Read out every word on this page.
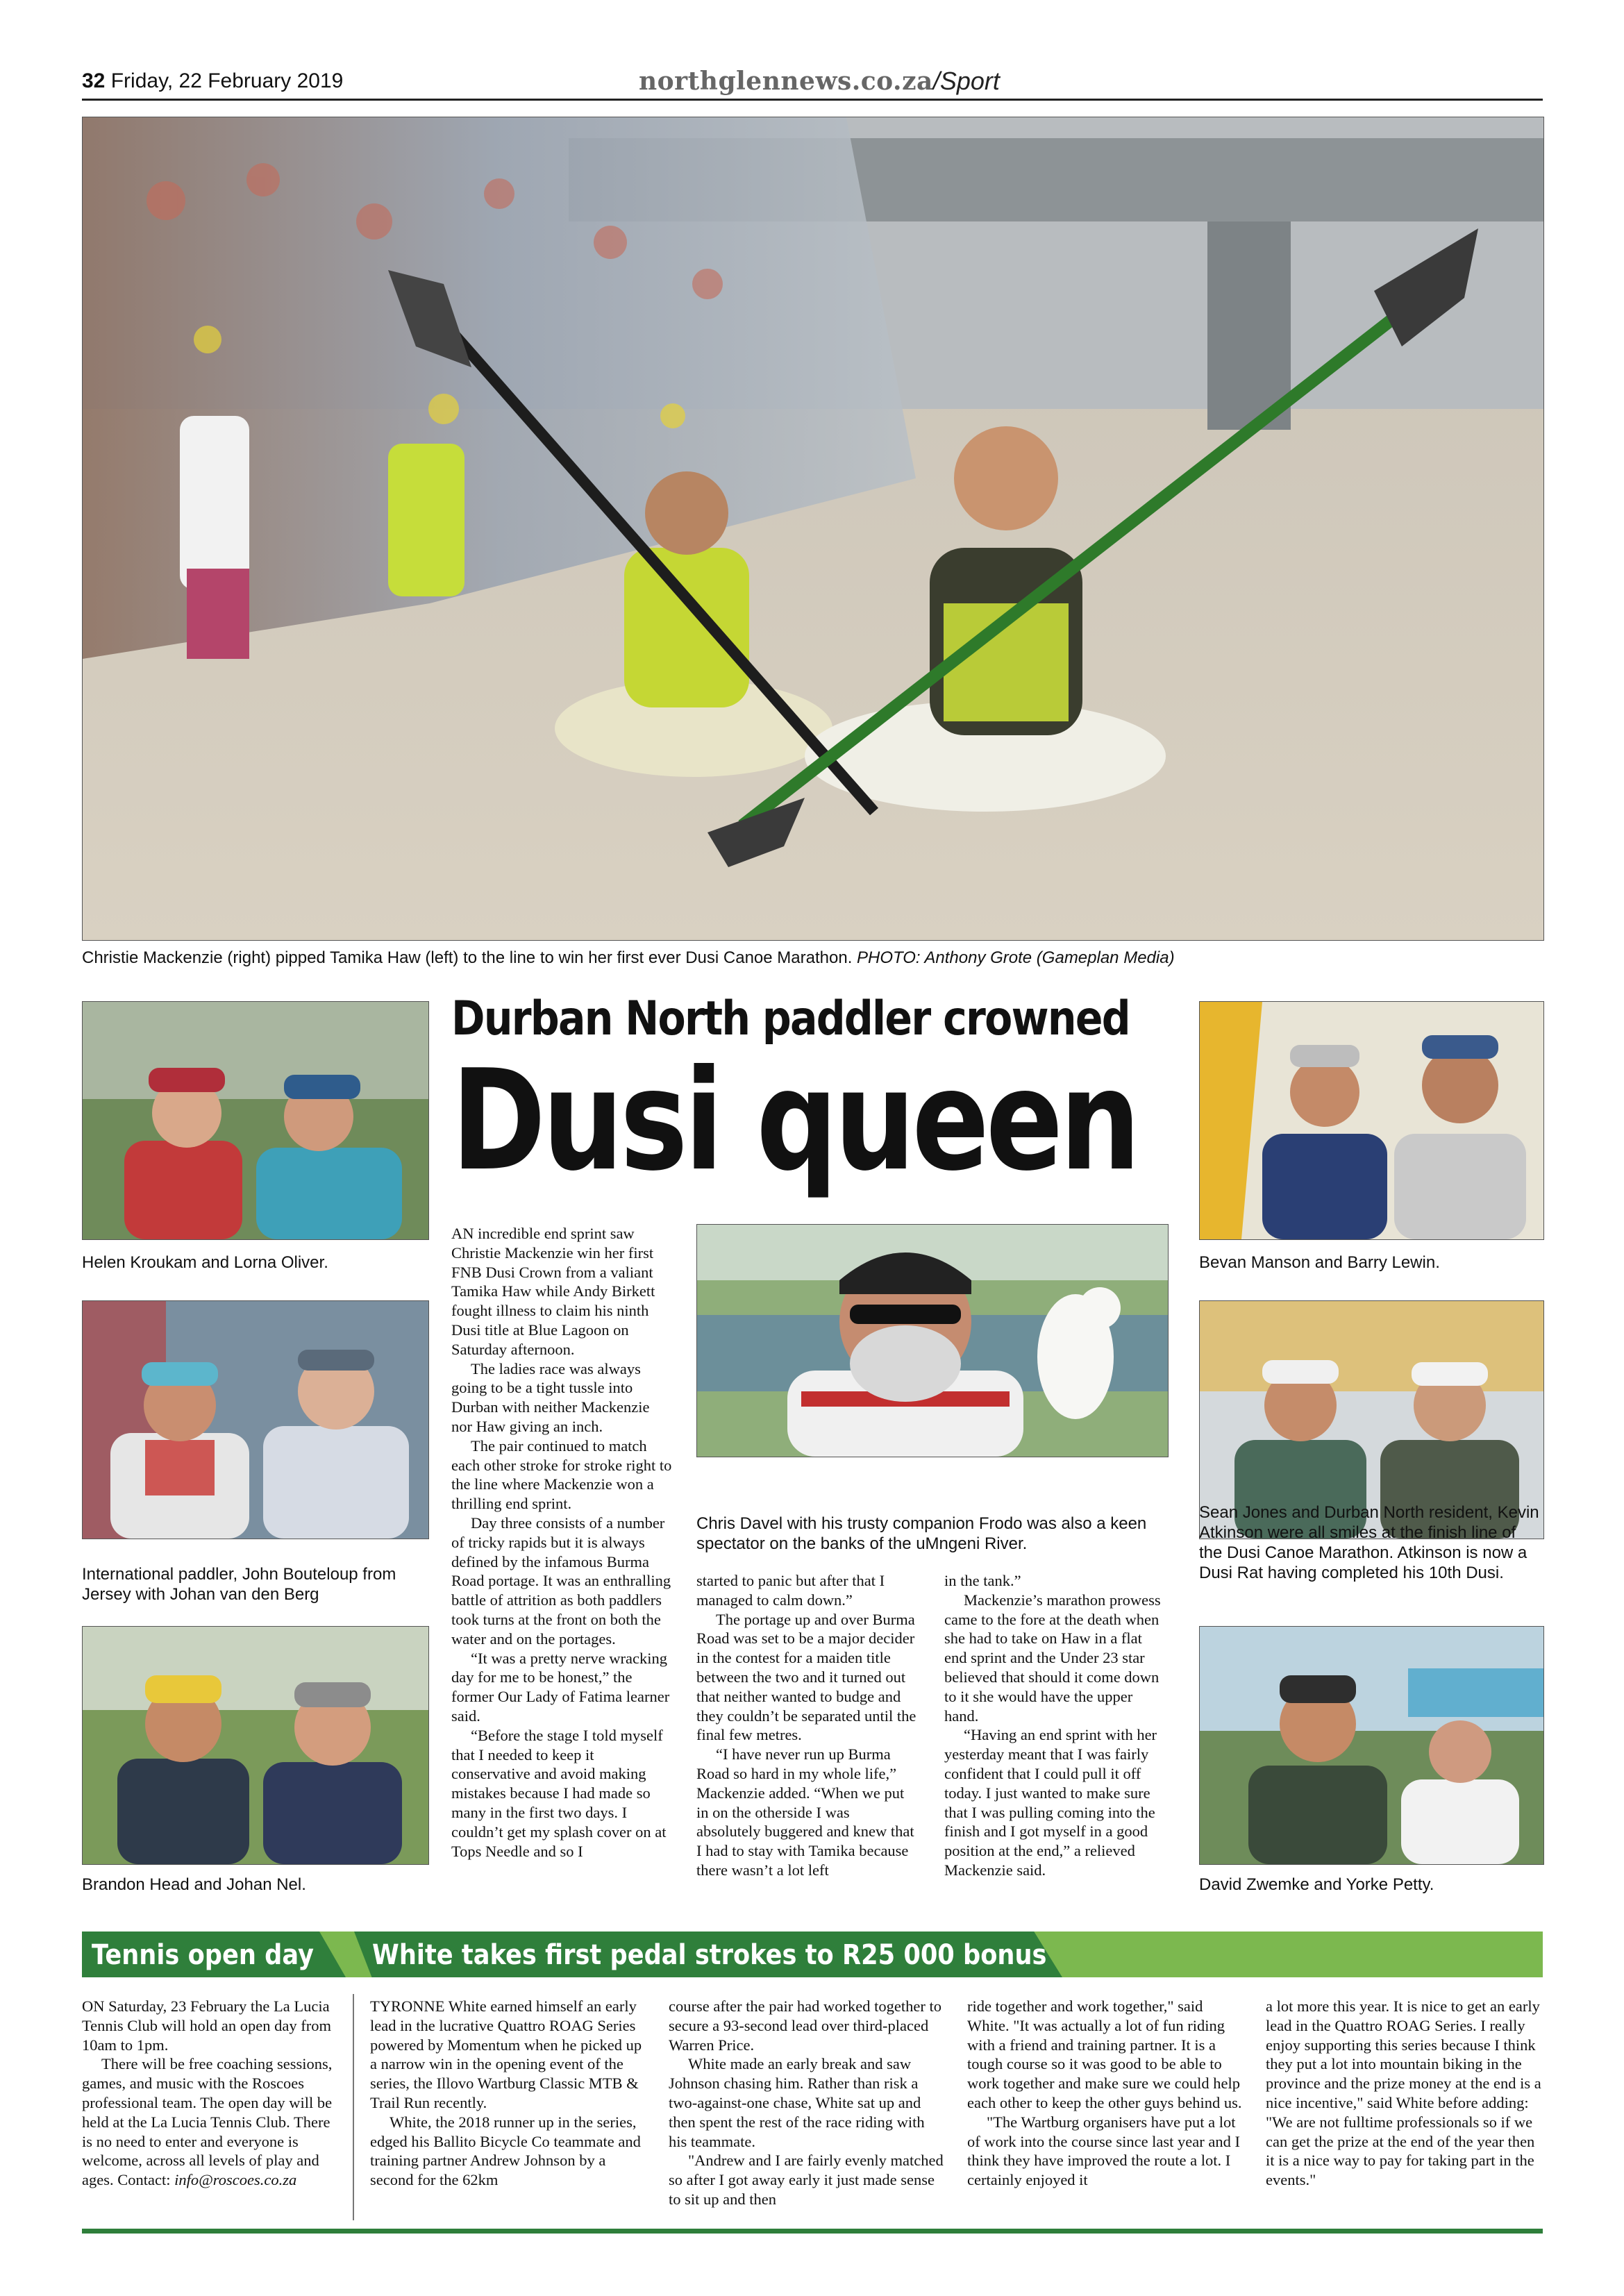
32 Friday, 22 February 2019	northglennews.co.za/Sport
Christie Mackenzie (right) pipped Tamika Haw (left) to the line to win her first ever Dusi Canoe Marathon. PHOTO: Anthony Grote (Gameplan Media)
Helen Kroukam and Lorna Oliver.
International paddler, John Bouteloup from Jersey with Johan van den Berg
Brandon Head and Johan Nel.
Bevan Manson and Barry Lewin.
Sean Jones and Durban North resident, Kevin Atkinson were all smiles at the finish line of the Dusi Canoe Marathon. Atkinson is now a Dusi Rat having completed his 10th Dusi.
David Zwemke and Yorke Petty.
Durban North paddler crowned
Dusi queen
Chris Davel with his trusty companion Frodo was also a keen spectator on the banks of the uMngeni River.

AN incredible end sprint saw Christie Mackenzie win her first FNB Dusi Crown from a valiant Tamika Haw while Andy Birkett fought illness to claim his ninth Dusi title at Blue Lagoon on Saturday afternoon.

The ladies race was always going to be a tight tussle into Durban with neither Mackenzie nor Haw giving an inch.

The pair continued to match each other stroke for stroke right to the line where Mackenzie won a thrilling end sprint.

Day three consists of a number of tricky rapids but it is always defined by the infamous Burma Road portage. It was an enthralling battle of attrition as both paddlers took turns at the front on both the water and on the portages.

“It was a pretty nerve wracking day for me to be honest,” the former Our Lady of Fatima learner said.

“Before the stage I told myself that I needed to keep it conservative and avoid making mistakes because I had made so many in the first two days. I couldn’t get my splash cover on at Tops Needle and so I

started to panic but after that I managed to calm down.”

The portage up and over Burma Road was set to be a major decider in the contest for a maiden title between the two and it turned out that neither wanted to budge and they couldn’t be separated until the final few metres.

“I have never run up Burma Road so hard in my whole life,” Mackenzie added. “When we put in on the otherside I was absolutely buggered and knew that I had to stay with Tamika because there wasn’t a lot left

in the tank.”

Mackenzie’s marathon prowess came to the fore at the death when she had to take on Haw in a flat end sprint and the Under 23 star believed that should it come down to it she would have the upper hand.

“Having an end sprint with her yesterday meant that I was fairly confident that I could pull it off today. I just wanted to make sure that I was pulling coming into the finish and I got myself in a good position at the end,” a relieved Mackenzie said.

Tennis open day White takes first pedal strokes to R25 000 bonus

ON Saturday, 23 February the La Lucia Tennis Club will hold an open day from 10am to 1pm.

There will be free coaching sessions, games, and music with the Roscoes professional team. The open day will be held at the La Lucia Tennis Club. There is no need to enter and everyone is welcome, across all levels of play and ages. Contact: info@roscoes.co.za

TYRONNE White earned himself an early lead in the lucrative Quattro ROAG Series powered by Momentum when he picked up a narrow win in the opening event of the series, the Illovo Wartburg Classic MTB & Trail Run recently.

White, the 2018 runner up in the series, edged his Ballito Bicycle Co teammate and training partner Andrew Johnson by a second for the 62km

course after the pair had worked together to secure a 93-second lead over third-placed Warren Price.

White made an early break and saw Johnson chasing him. Rather than risk a two-against-one chase, White sat up and then spent the rest of the race riding with his teammate.

"Andrew and I are fairly evenly matched so after I got away early it just made sense to sit up and then

ride together and work together," said White. "It was actually a lot of fun riding with a friend and training partner. It is a tough course so it was good to be able to work together and make sure we could help each other to keep the other guys behind us.

"The Wartburg organisers have put a lot of work into the course since last year and I think they have improved the route a lot. I certainly enjoyed it

a lot more this year. It is nice to get an early lead in the Quattro ROAG Series. I really enjoy supporting this series because I think they put a lot into mountain biking in the province and the prize money at the end is a nice incentive," said White before adding: "We are not fulltime professionals so if we can get the prize at the end of the year then it is a nice way to pay for taking part in the events."
